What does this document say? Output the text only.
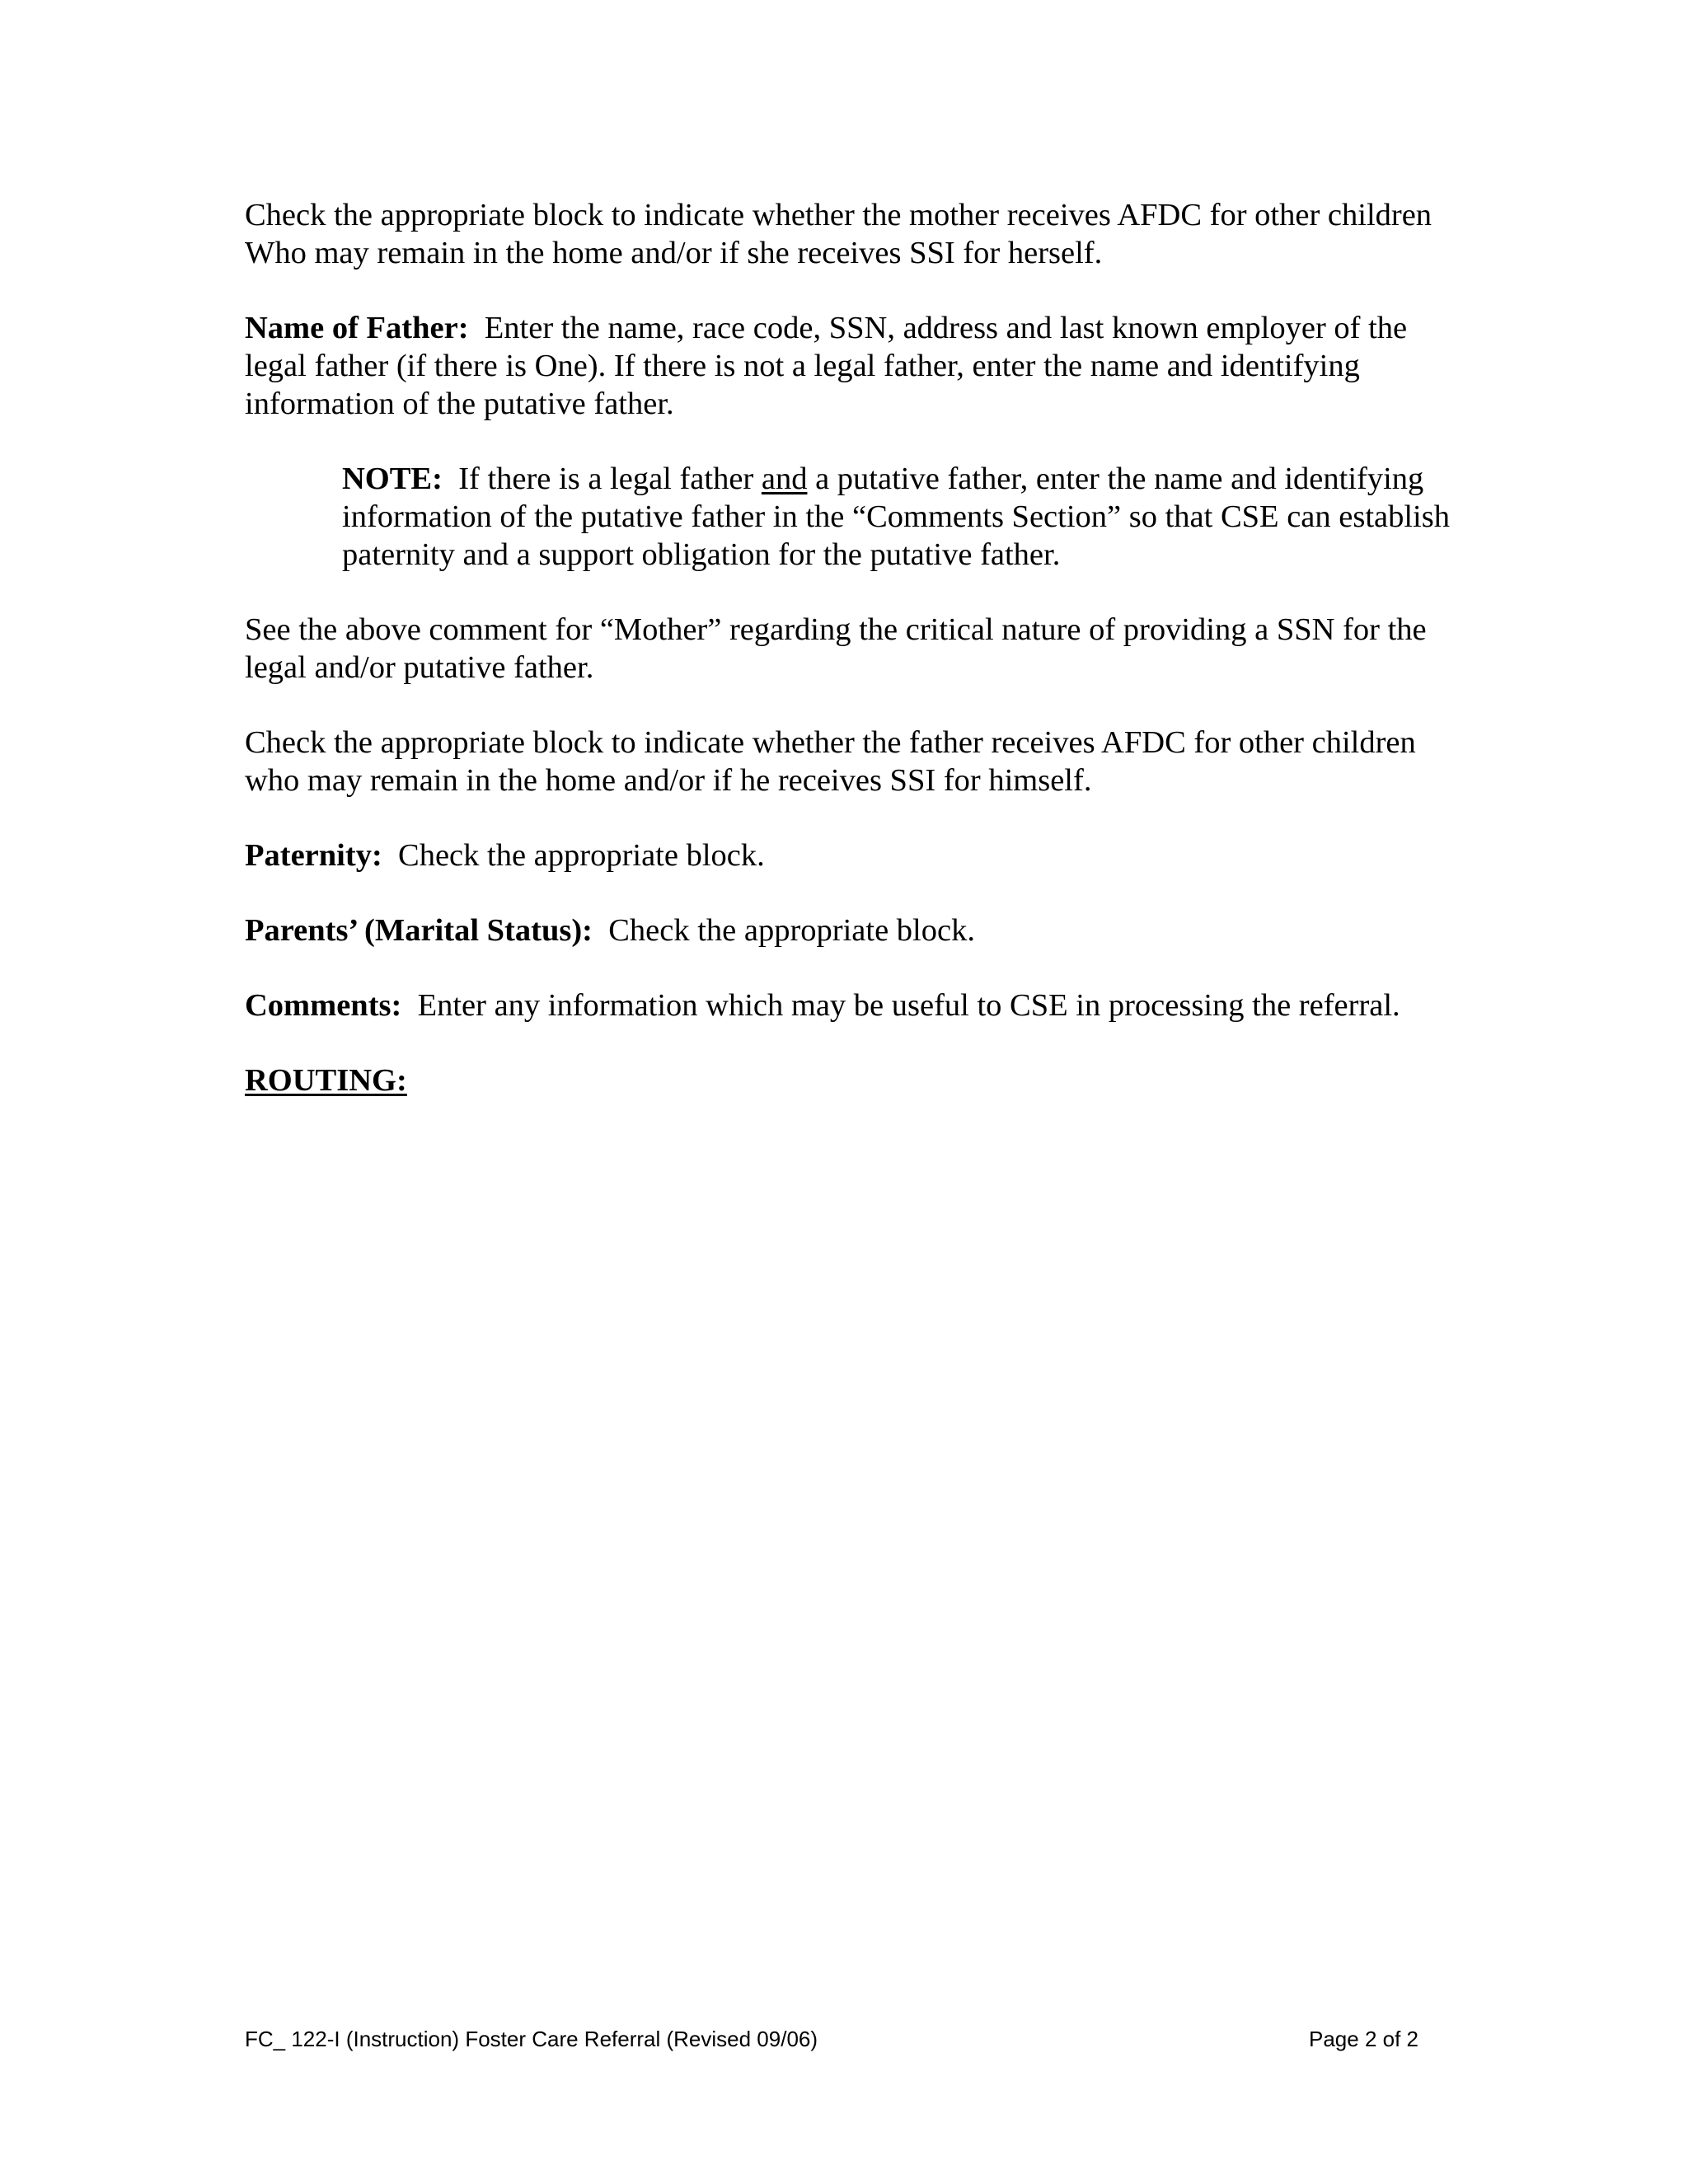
Check the appropriate block to indicate whether the mother receives AFDC for other children
Who may remain in the home and/or if she receives SSI for herself.

Name of Father: Enter the name, race code, SSN, address and last known employer of the
legal father (if there is One). If there is not a legal father, enter the name and identifying
information of the putative father.

NOTE: If there is a legal father and a putative father, enter the name and identifying
information of the putative father in the “Comments Section” so that CSE can establish
paternity and a support obligation for the putative father.

See the above comment for “Mother” regarding the critical nature of providing a SSN for the
legal and/or putative father.

Check the appropriate block to indicate whether the father receives AFDC for other children
who may remain in the home and/or if he receives SSI for himself.

Paternity: Check the appropriate block.

Parents’ (Marital Status): Check the appropriate block.

Comments: Enter any information which may be useful to CSE in processing the referral.

ROUTING:

FC_ 122-I (Instruction) Foster Care Referral (Revised 09/06)	Page 2 of 2
